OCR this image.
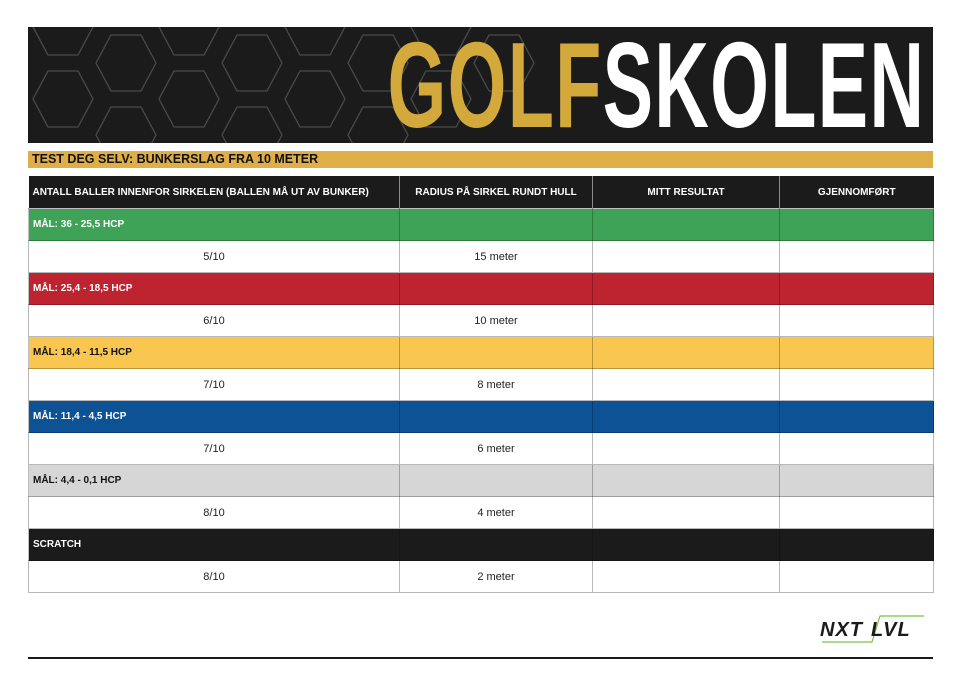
GOLFSKOLEN
TEST DEG SELV: BUNKERSLAG FRA 10 METER
ANTALL BALLER INNENFOR SIRKELEN (BALLEN MÅ UT AV BUNKER)	RADIUS PÅ SIRKEL RUNDT HULL	MITT RESULTAT	GJENNOMFØRT
MÅL: 36 - 25,5 HCP			
5/10	15 meter		
MÅL: 25,4 - 18,5 HCP			
6/10	10 meter		
MÅL: 18,4 - 11,5 HCP			
7/10	8 meter		
MÅL: 11,4 - 4,5 HCP			
7/10	6 meter		
MÅL: 4,4 - 0,1 HCP			
8/10	4 meter		
SCRATCH			
8/10	2 meter		
NXT LVL
